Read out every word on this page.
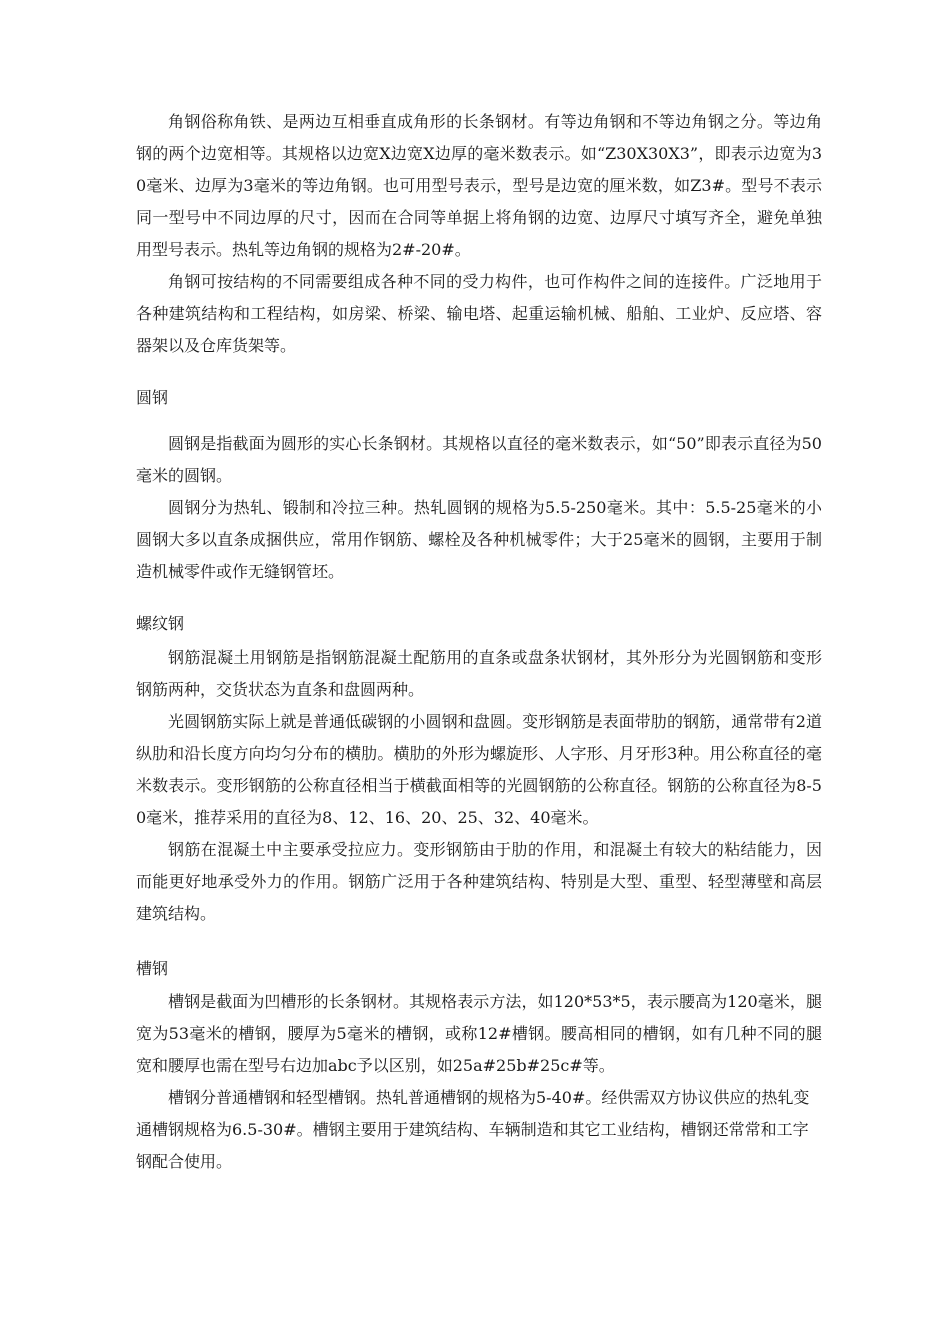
角钢俗称角铁、是两边互相垂直成角形的长条钢材。有等边角钢和不等边角钢之分。等边角钢的两个边宽相等。其规格以边宽X边宽X边厚的毫米数表示。如“Z30X30X3”，即表示边宽为30毫米、边厚为3毫米的等边角钢。也可用型号表示，型号是边宽的厘米数，如Z3#。型号不表示同一型号中不同边厚的尺寸，因而在合同等单据上将角钢的边宽、边厚尺寸填写齐全，避免单独用型号表示。热轧等边角钢的规格为2#-20#。

角钢可按结构的不同需要组成各种不同的受力构件，也可作构件之间的连接件。广泛地用于各种建筑结构和工程结构，如房梁、桥梁、输电塔、起重运输机械、船舶、工业炉、反应塔、容器架以及仓库货架等。

圆钢

圆钢是指截面为圆形的实心长条钢材。其规格以直径的毫米数表示，如“50”即表示直径为50毫米的圆钢。

圆钢分为热轧、锻制和冷拉三种。热轧圆钢的规格为5.5-250毫米。其中：5.5-25毫米的小圆钢大多以直条成捆供应，常用作钢筋、螺栓及各种机械零件；大于25毫米的圆钢，主要用于制造机械零件或作无缝钢管坯。

螺纹钢

钢筋混凝土用钢筋是指钢筋混凝土配筋用的直条或盘条状钢材，其外形分为光圆钢筋和变形钢筋两种，交货状态为直条和盘圆两种。

光圆钢筋实际上就是普通低碳钢的小圆钢和盘圆。变形钢筋是表面带肋的钢筋，通常带有2道纵肋和沿长度方向均匀分布的横肋。横肋的外形为螺旋形、人字形、月牙形3种。用公称直径的毫米数表示。变形钢筋的公称直径相当于横截面相等的光圆钢筋的公称直径。钢筋的公称直径为8-50毫米，推荐采用的直径为8、12、16、20、25、32、40毫米。

钢筋在混凝土中主要承受拉应力。变形钢筋由于肋的作用，和混凝土有较大的粘结能力，因而能更好地承受外力的作用。钢筋广泛用于各种建筑结构、特别是大型、重型、轻型薄壁和高层建筑结构。

槽钢

槽钢是截面为凹槽形的长条钢材。其规格表示方法，如120*53*5，表示腰高为120毫米，腿宽为53毫米的槽钢，腰厚为5毫米的槽钢，或称12#槽钢。腰高相同的槽钢，如有几种不同的腿宽和腰厚也需在型号右边加abc予以区别，如25a#25b#25c#等。

槽钢分普通槽钢和轻型槽钢。热轧普通槽钢的规格为5-40#。经供需双方协议供应的热轧变通槽钢规格为6.5-30#。槽钢主要用于建筑结构、车辆制造和其它工业结构，槽钢还常常和工字钢配合使用。
